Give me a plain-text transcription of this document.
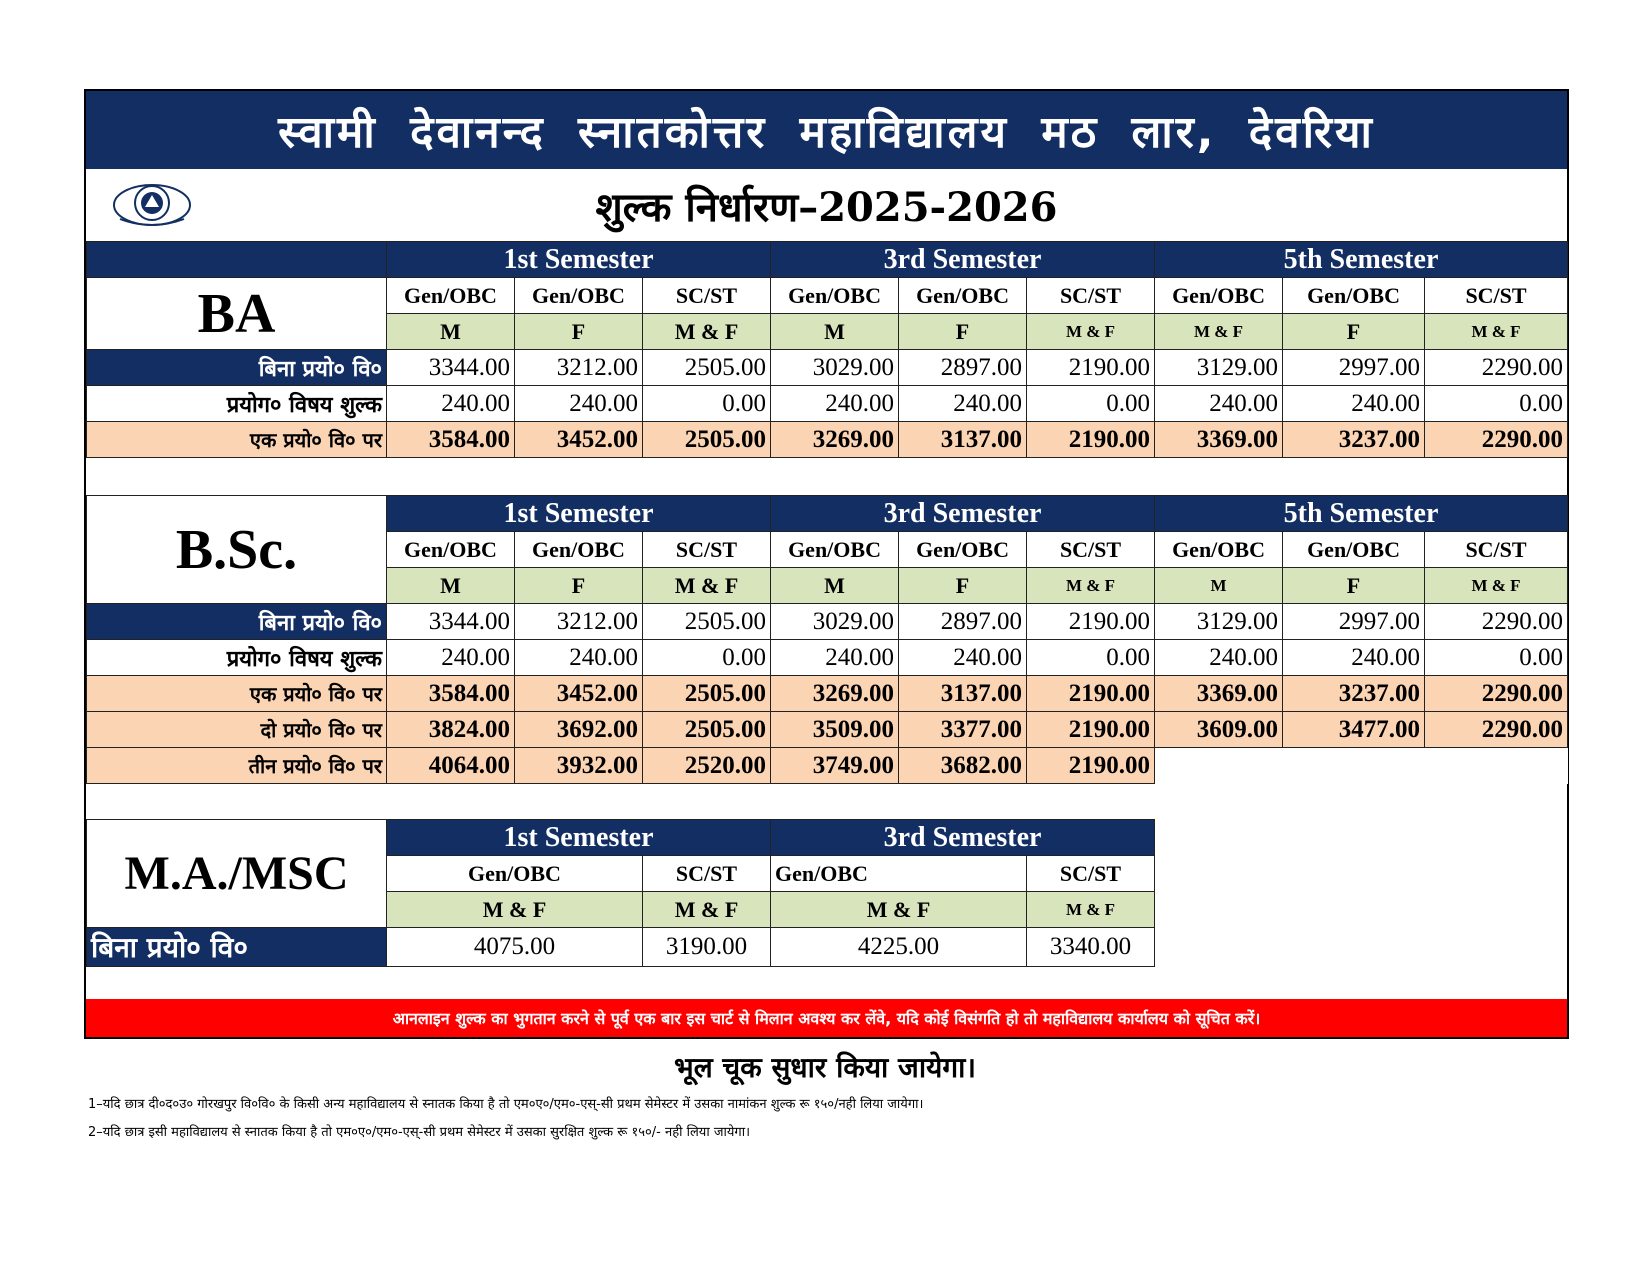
स्वामी देवानन्द स्नातकोत्तर महाविद्यालय मठ लार, देवरिया
शुल्क निर्धारण–2025-2026
	1st Semester			3rd Semester			5th Semester		
BA	Gen/OBC	Gen/OBC	SC/ST	Gen/OBC	Gen/OBC	SC/ST	Gen/OBC	Gen/OBC	SC/ST
	M	F	M & F	M	F	M & F	M & F	F	M & F
बिना प्रयो० वि०	3344.00	3212.00	2505.00	3029.00	2897.00	2190.00	3129.00	2997.00	2290.00
प्रयोग० विषय शुल्क	240.00	240.00	0.00	240.00	240.00	0.00	240.00	240.00	0.00
एक प्रयो० वि० पर	3584.00	3452.00	2505.00	3269.00	3137.00	2190.00	3369.00	3237.00	2290.00
B.Sc.	1st Semester			3rd Semester			5th Semester		
	Gen/OBC	Gen/OBC	SC/ST	Gen/OBC	Gen/OBC	SC/ST	Gen/OBC	Gen/OBC	SC/ST
	M	F	M & F	M	F	M & F	M	F	M & F
बिना प्रयो० वि०	3344.00	3212.00	2505.00	3029.00	2897.00	2190.00	3129.00	2997.00	2290.00
प्रयोग० विषय शुल्क	240.00	240.00	0.00	240.00	240.00	0.00	240.00	240.00	0.00
एक प्रयो० वि० पर	3584.00	3452.00	2505.00	3269.00	3137.00	2190.00	3369.00	3237.00	2290.00
दो प्रयो० वि० पर	3824.00	3692.00	2505.00	3509.00	3377.00	2190.00	3609.00	3477.00	2290.00
तीन प्रयो० वि० पर	4064.00	3932.00	2520.00	3749.00	3682.00	2190.00			
M.A./MSC	1st Semester		3rd Semester	
	Gen/OBC	SC/ST	Gen/OBC	SC/ST
	M & F	M & F	M & F	M & F
बिना प्रयो० वि०	4075.00	3190.00	4225.00	3340.00
आनलाइन शुल्क का भुगतान करने से पूर्व एक बार इस चार्ट से मिलान अवश्य कर लेंवे, यदि कोई विसंगति हो तो महाविद्यालय कार्यालय को सूचित करें।
भूल चूक सुधार किया जायेगा।
1–यदि छात्र दी०द०उ० गोरखपुर वि०वि० के किसी अन्य महाविद्यालय से स्नातक किया है तो एम०ए०/एम०-एस्-सी प्रथम सेमेस्टर में उसका नामांकन शुल्क रू १५०/नही लिया जायेगा।
2–यदि छात्र इसी महाविद्यालय से स्नातक किया है तो एम०ए०/एम०-एस्-सी प्रथम सेमेस्टर में उसका सुरक्षित शुल्क रू १५०/- नही लिया जायेगा।
